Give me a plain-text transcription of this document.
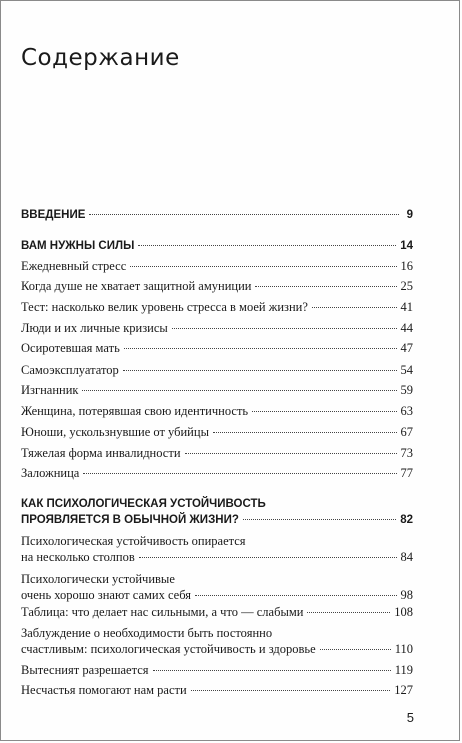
Содержание
ВВЕДЕНИЕ	9
ВАМ НУЖНЫ СИЛЫ	14
Ежедневный стресс	16
Когда душе не хватает защитной амуниции	25
Тест: насколько велик уровень стресса в моей жизни?	41
Люди и их личные кризисы	44
Осиротевшая мать	47
Самоэксплуататор	54
Изгнанник	59
Женщина, потерявшая свою идентичность	63
Юноши, ускользнувшие от убийцы	67
Тяжелая форма инвалидности	73
Заложница	77
КАК ПСИХОЛОГИЧЕСКАЯ УСТОЙЧИВОСТЬ
ПРОЯВЛЯЕТСЯ В ОБЫЧНОЙ ЖИЗНИ?	82
Психологическая устойчивость опирается
на несколько столпов	84
Психологически устойчивые
очень хорошо знают самих себя	98
Таблица: что делает нас сильными, а что — слабыми	108
Заблуждение о необходимости быть постоянно
счастливым: психологическая устойчивость и здоровье	110
Вытесният разрешается	119
Несчастья помогают нам расти	127
5
